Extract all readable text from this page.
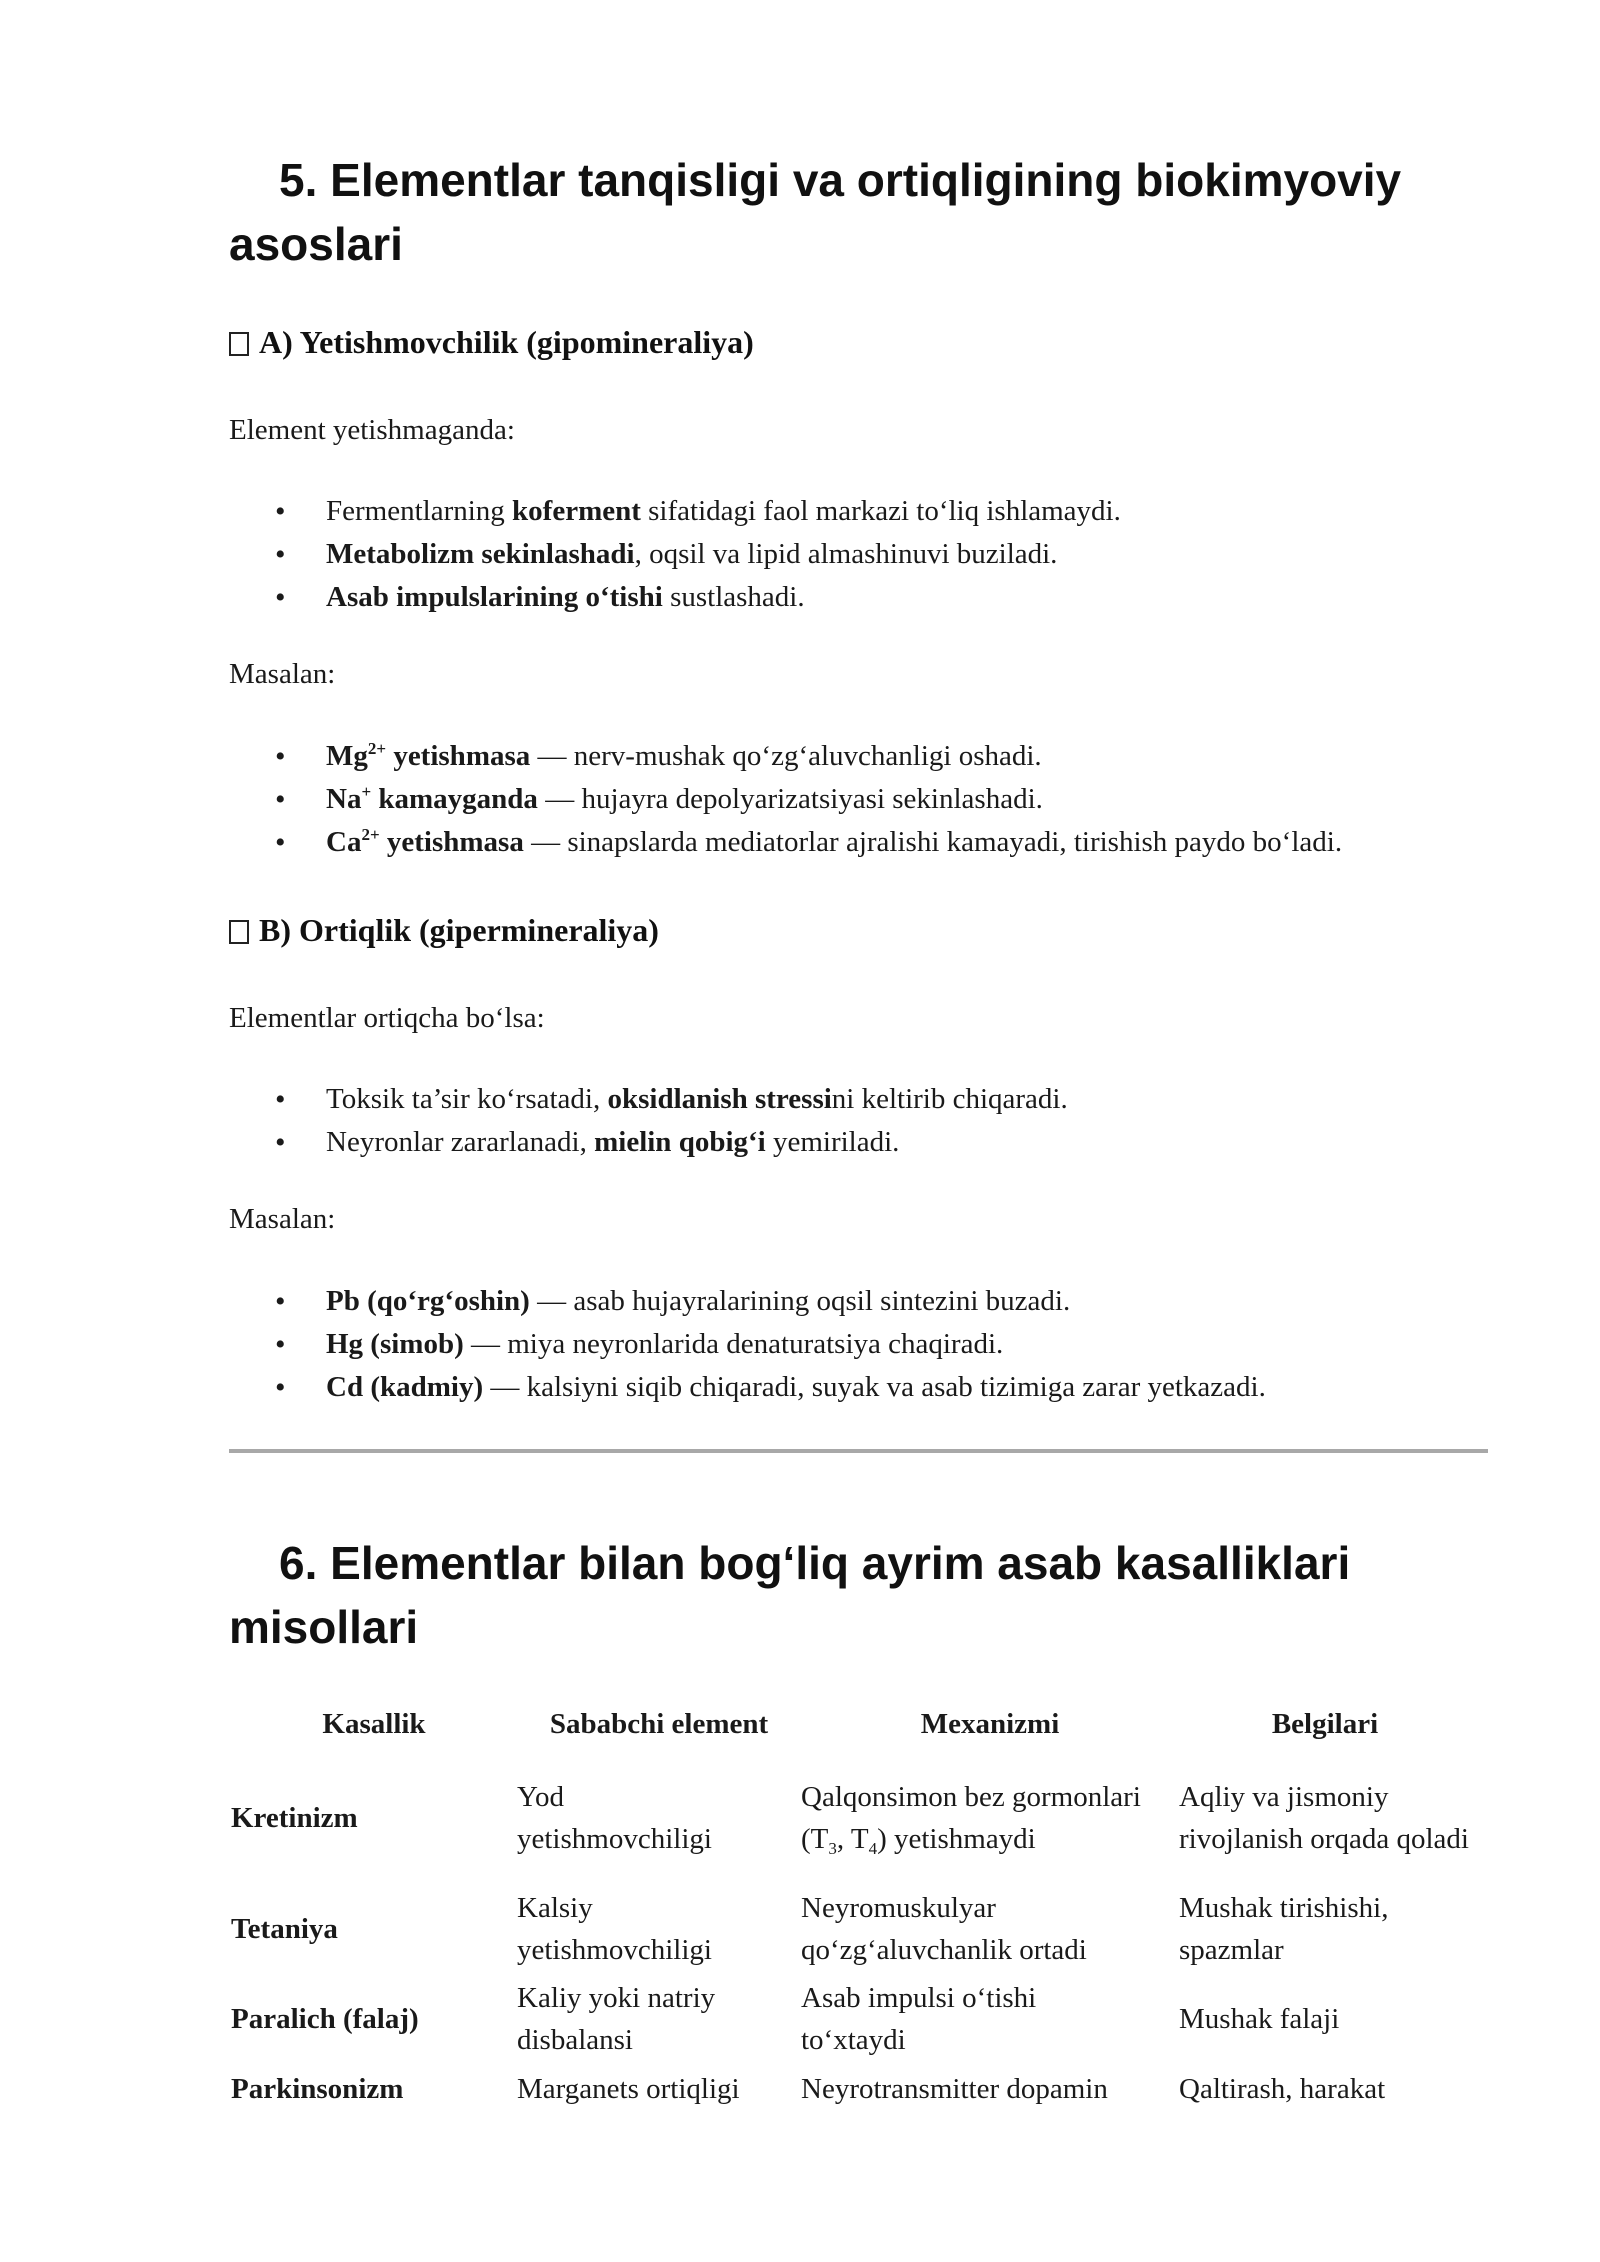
5. Elementlar tanqisligi va ortiqligining biokimyoviy asoslari
A) Yetishmovchilik (gipomineraliya)

Element yetishmaganda:

• Fermentlarning koferment sifatidagi faol markazi to‘liq ishlamaydi.
• Metabolizm sekinlashadi, oqsil va lipid almashinuvi buziladi.
• Asab impulslarining o‘tishi sustlashadi.

Masalan:

• $Mg^{2+}$ yetishmasa — nerv-mushak qo‘zg‘aluvchanligi oshadi.
• Na+ kamayganda — hujayra depolyarizatsiyasi sekinlashadi.
• $Ca^{2+}$ yetishmasa — sinapslarda mediatorlar ajralishi kamayadi, tirishish paydo bo‘ladi.
B) Ortiqlik (gipermineraliya)

Elementlar ortiqcha bo‘lsa:

• Toksik ta’sir ko‘rsatadi, oksidlanish stressini keltirib chiqaradi.
• Neyronlar zararlanadi, mielin qobig‘i yemiriladi.

Masalan:

• Pb (qo‘rg‘oshin) — asab hujayralarining oqsil sintezini buzadi.
• Hg (simob) — miya neyronlarida denaturatsiya chaqiradi.
• Cd (kadmiy) — kalsiyni siqib chiqaradi, suyak va asab tizimiga zarar yetkazadi.
6. Elementlar bilan bog‘liq ayrim asab kasalliklari misollari
Kasallik	Sababchi element	Mexanizmi	Belgilari
Kretinizm	Yod yetishmovchiligi	Qalqonsimon bez gormonlari ($T_3$, $T_4$) yetishmaydi	Aqliy va jismoniy rivojlanish orqada qoladi
Tetaniya	Kalsiy yetishmovchiligi	Neyromuskulyar qo‘zg‘aluvchanlik ortadi	Mushak tirishishi, spazmlar
Paralich (falaj)	Kaliy yoki natriy disbalansi	Asab impulsi o‘tishi to‘xtaydi	Mushak falaji
Parkinsonizm	Marganets ortiqligi	Neyrotransmitter dopamin	Qaltirash, harakat
